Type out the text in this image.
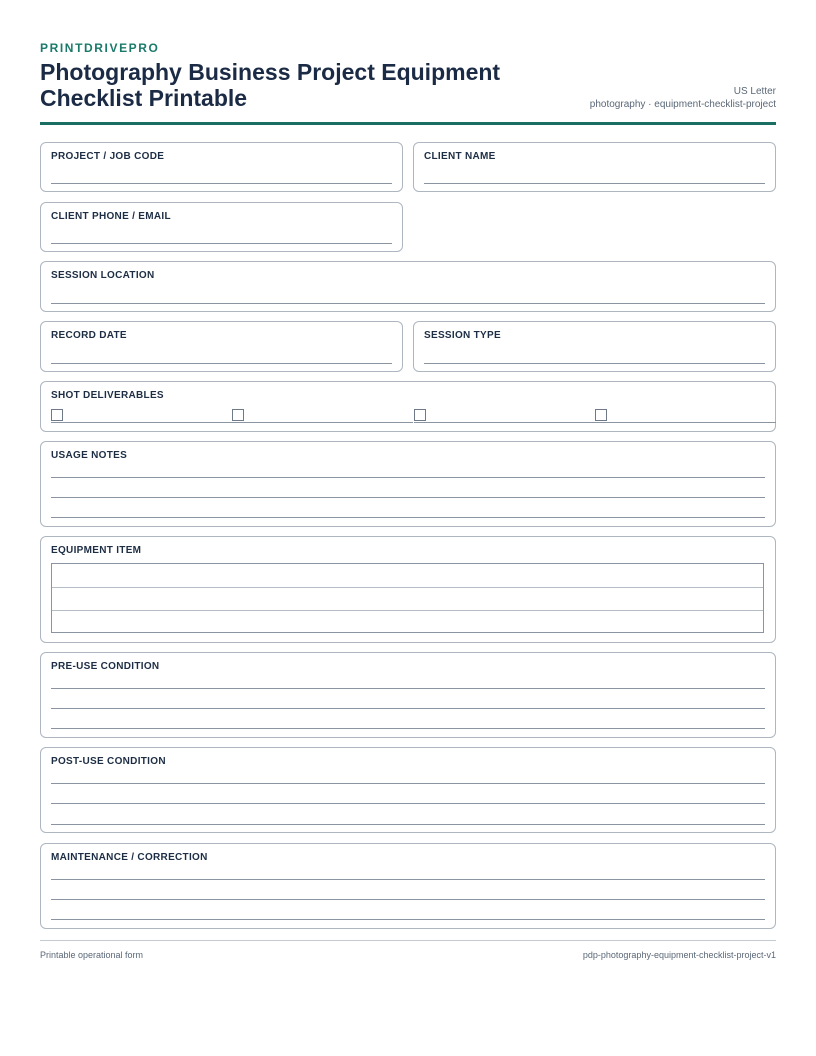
PRINTDRIVEPRO
Photography Business Project Equipment Checklist Printable	US Letter
photography · equipment-checklist-project
PROJECT / JOB CODE	CLIENT NAME
CLIENT PHONE / EMAIL
SESSION LOCATION
RECORD DATE	SESSION TYPE
SHOT DELIVERABLES
USAGE NOTES
EQUIPMENT ITEM
PRE-USE CONDITION
POST-USE CONDITION
MAINTENANCE / CORRECTION
Printable operational form	pdp-photography-equipment-checklist-project-v1
